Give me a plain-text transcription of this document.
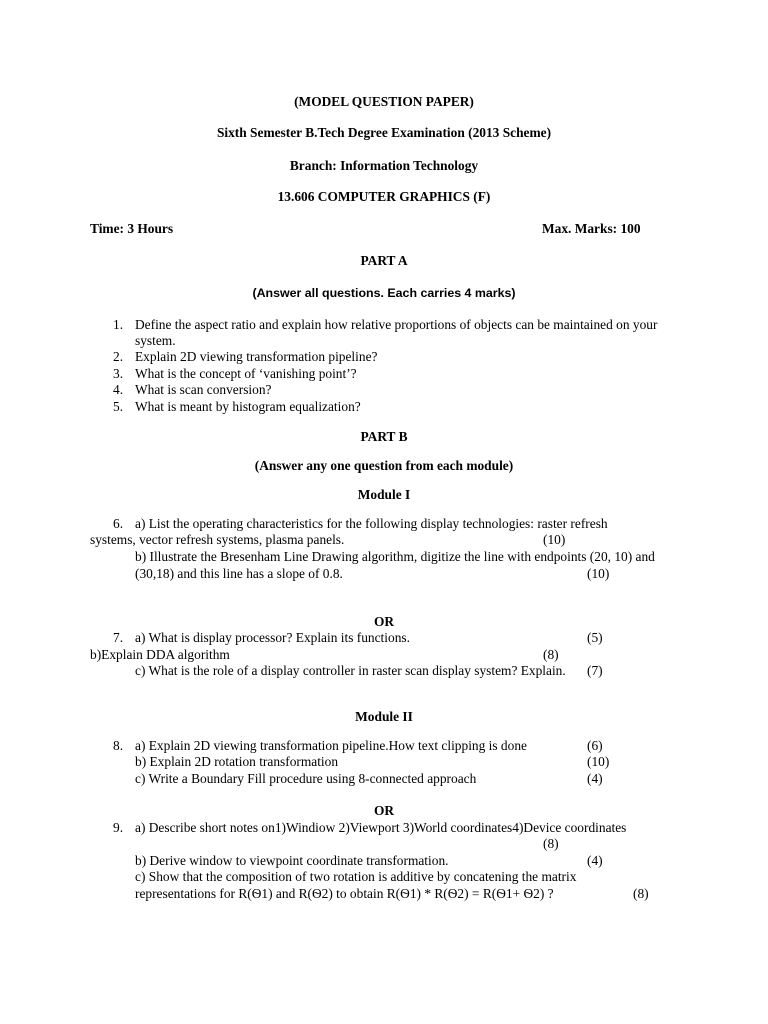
(MODEL QUESTION PAPER)
Sixth Semester B.Tech Degree Examination (2013 Scheme)
Branch: Information Technology
13.606 COMPUTER GRAPHICS (F)
Time: 3 Hours	Max. Marks: 100
PART A
(Answer all questions. Each carries 4 marks)
1. Define the aspect ratio and explain how relative proportions of objects can be maintained on your
system.
2. Explain 2D viewing transformation pipeline?
3. What is the concept of ‘vanishing point’?
4. What is scan conversion?
5. What is meant by histogram equalization?
PART B
(Answer any one question from each module)
Module I
6. a) List the operating characteristics for the following display technologies: raster refresh
systems, vector refresh systems, plasma panels.	(10)
b) Illustrate the Bresenham Line Drawing algorithm, digitize the line with endpoints (20, 10) and
(30,18) and this line has a slope of 0.8.	(10)
OR
7. a) What is display processor? Explain its functions.	(5)
b)Explain DDA algorithm	(8)
c) What is the role of a display controller in raster scan display system? Explain. (7)
Module II
8. a) Explain 2D viewing transformation pipeline.How text clipping is done	(6)
b) Explain 2D rotation transformation	(10)
c) Write a Boundary Fill procedure using 8-connected approach	(4)
OR
9. a) Describe short notes on1)Windiow 2)Viewport 3)World coordinates4)Device coordinates
(8)
b) Derive window to viewpoint coordinate transformation.	(4)
c) Show that the composition of two rotation is additive by concatening the matrix
representations for R(Ѳ1) and R(Ѳ2) to obtain R(Ѳ1) * R(Ѳ2) = R(Ѳ1+ Ѳ2) ?	(8)
